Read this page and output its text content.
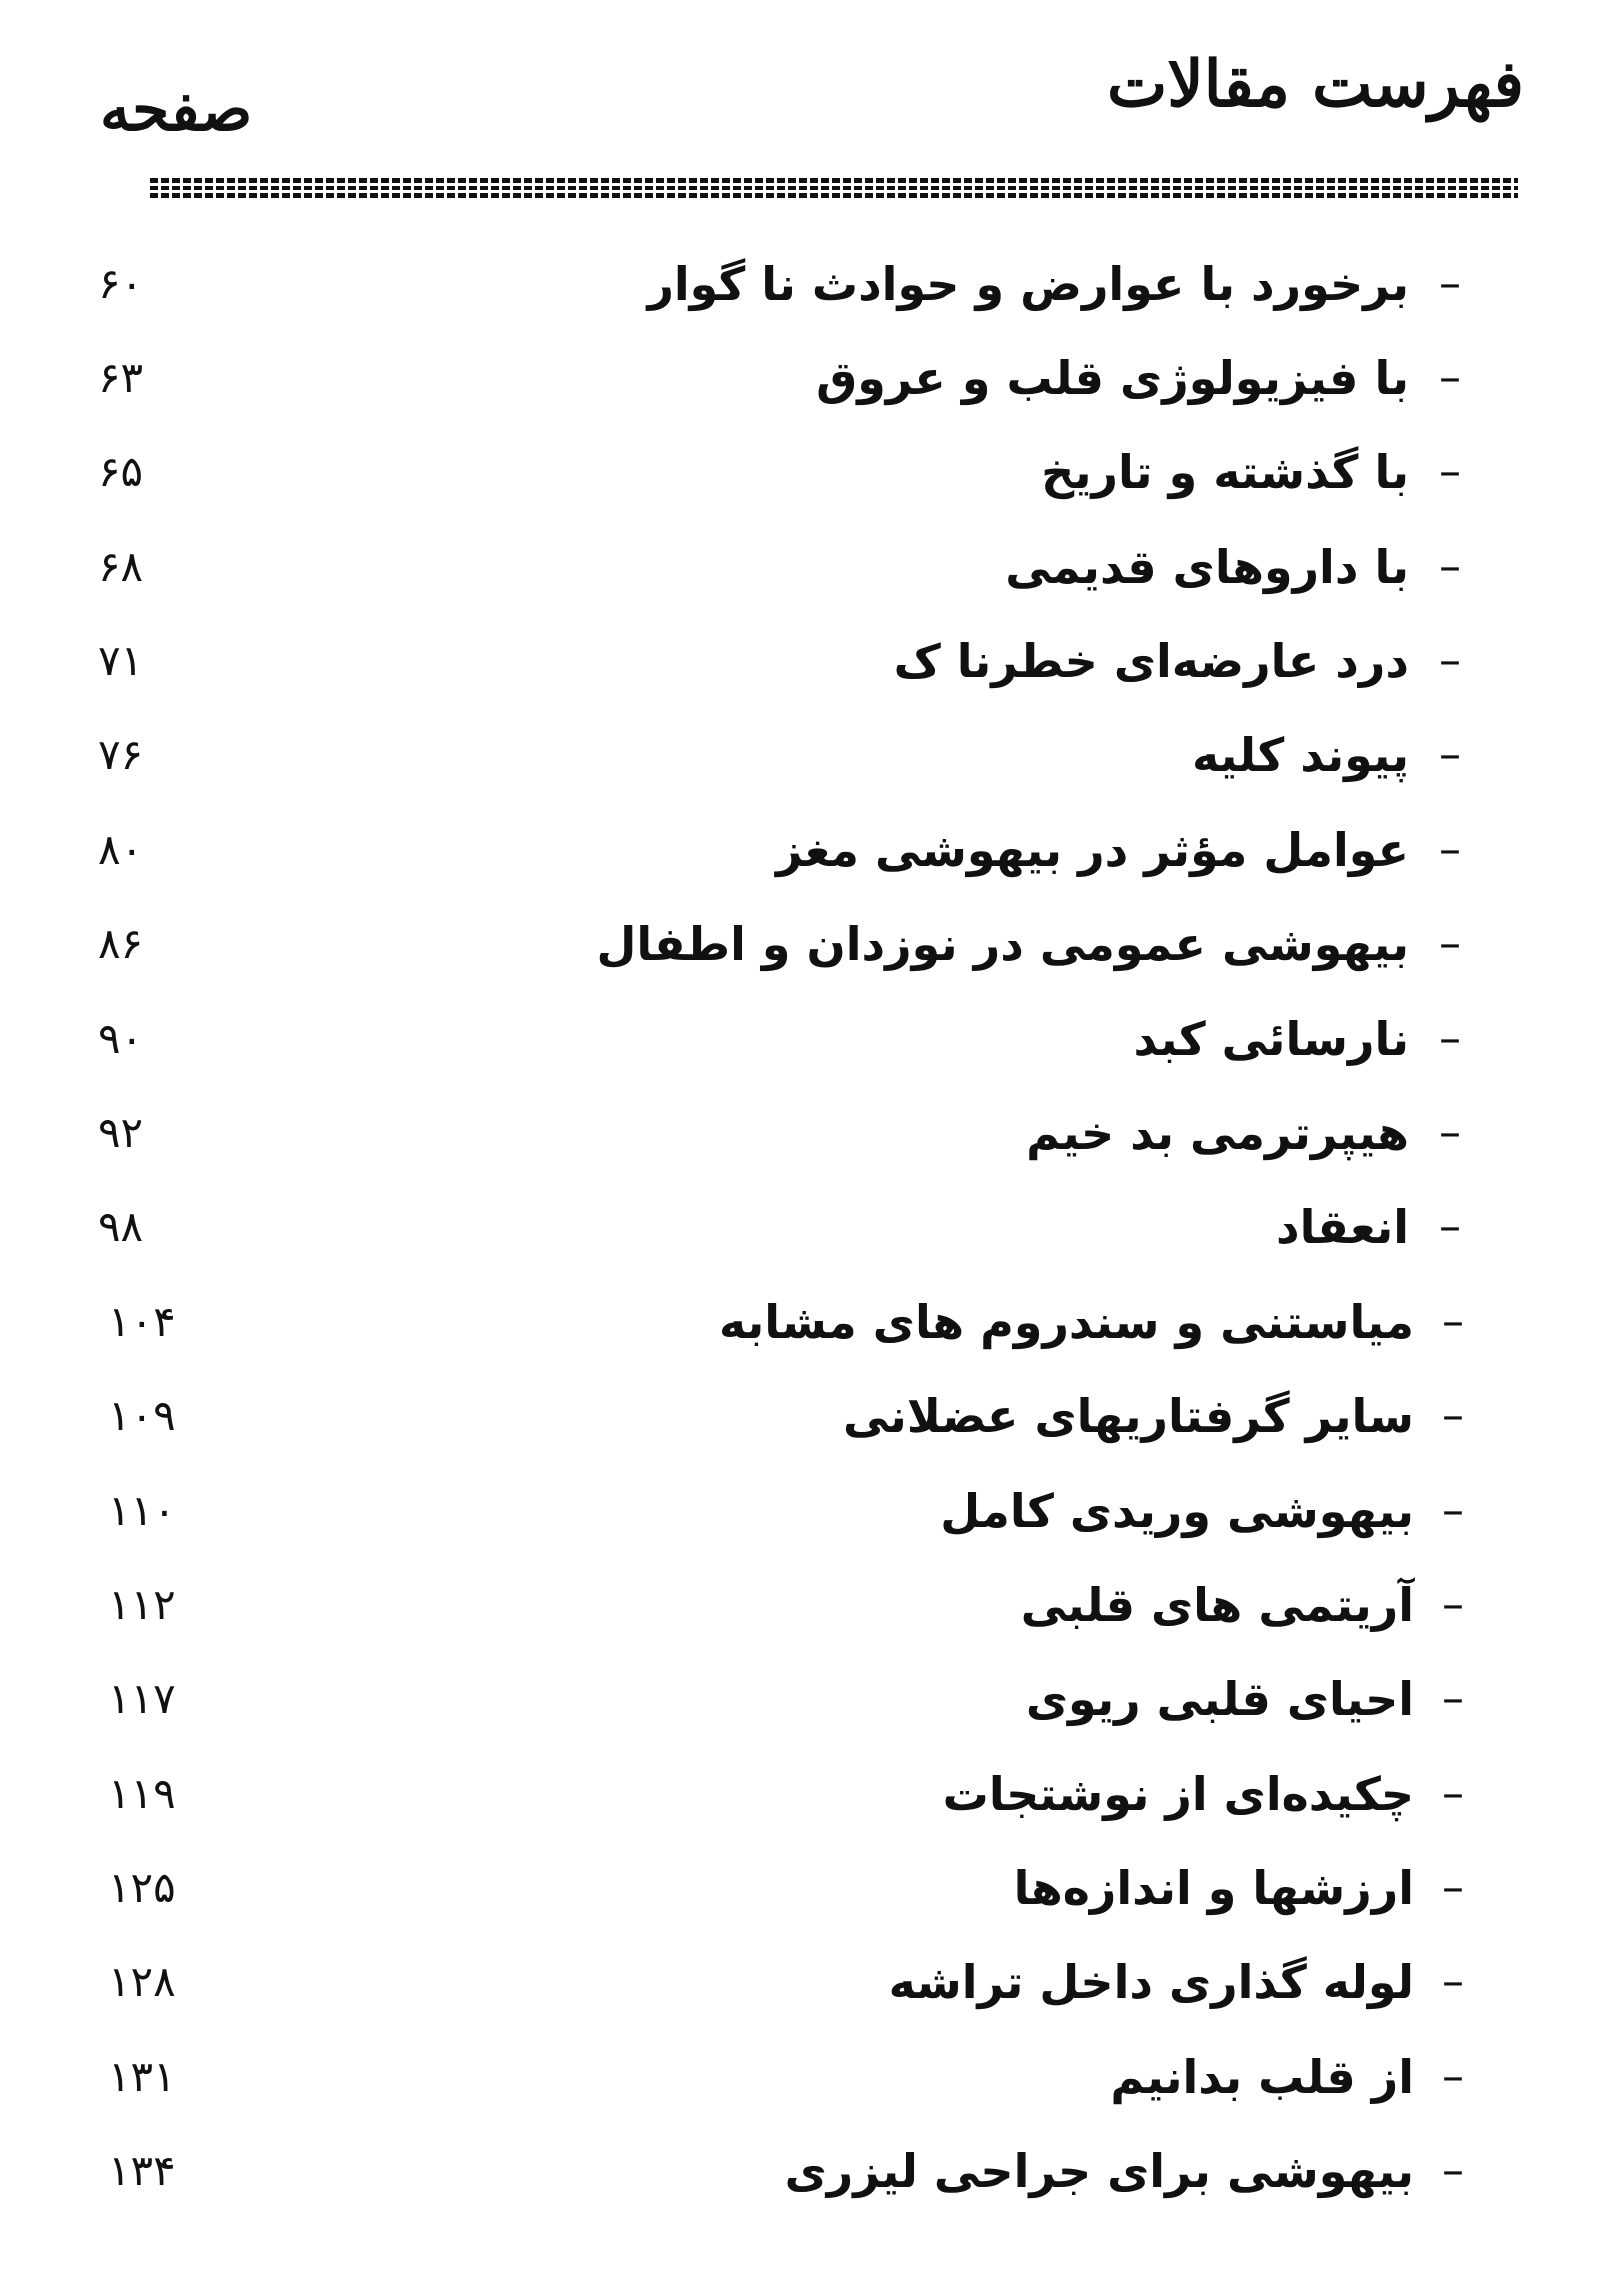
فهرست مقالات
صفحه
–
برخورد با عوارض و حوادث نا گوار
۶۰
–
با فیزیولوژی قلب و عروق
۶۳
–
با گذشته و تاریخ
۶۵
–
با داروهای قدیمی
۶۸
–
درد عارضه‌ای خطرنا ک
۷۱
–
پیوند کلیه
۷۶
–
عوامل مؤثر در بیهوشی مغز
۸۰
–
بیهوشی عمومی در نوزدان و اطفال
۸۶
–
نارسائی کبد
۹۰
–
هیپرترمی بد خیم
۹۲
–
انعقاد
۹۸
–
میاستنی و سندروم های مشابه
۱۰۴
–
سایر گرفتاریهای عضلانی
۱۰۹
–
بیهوشی وریدی کامل
۱۱۰
–
آریتمی های قلبی
۱۱۲
–
احیای قلبی ریوی
۱۱۷
–
چکیده‌ای از نوشتجات
۱۱۹
–
ارزشها و اندازه‌ها
۱۲۵
–
لوله گذاری داخل تراشه
۱۲۸
–
از قلب بدانیم
۱۳۱
–
بیهوشی برای جراحی لیزری
۱۳۴
